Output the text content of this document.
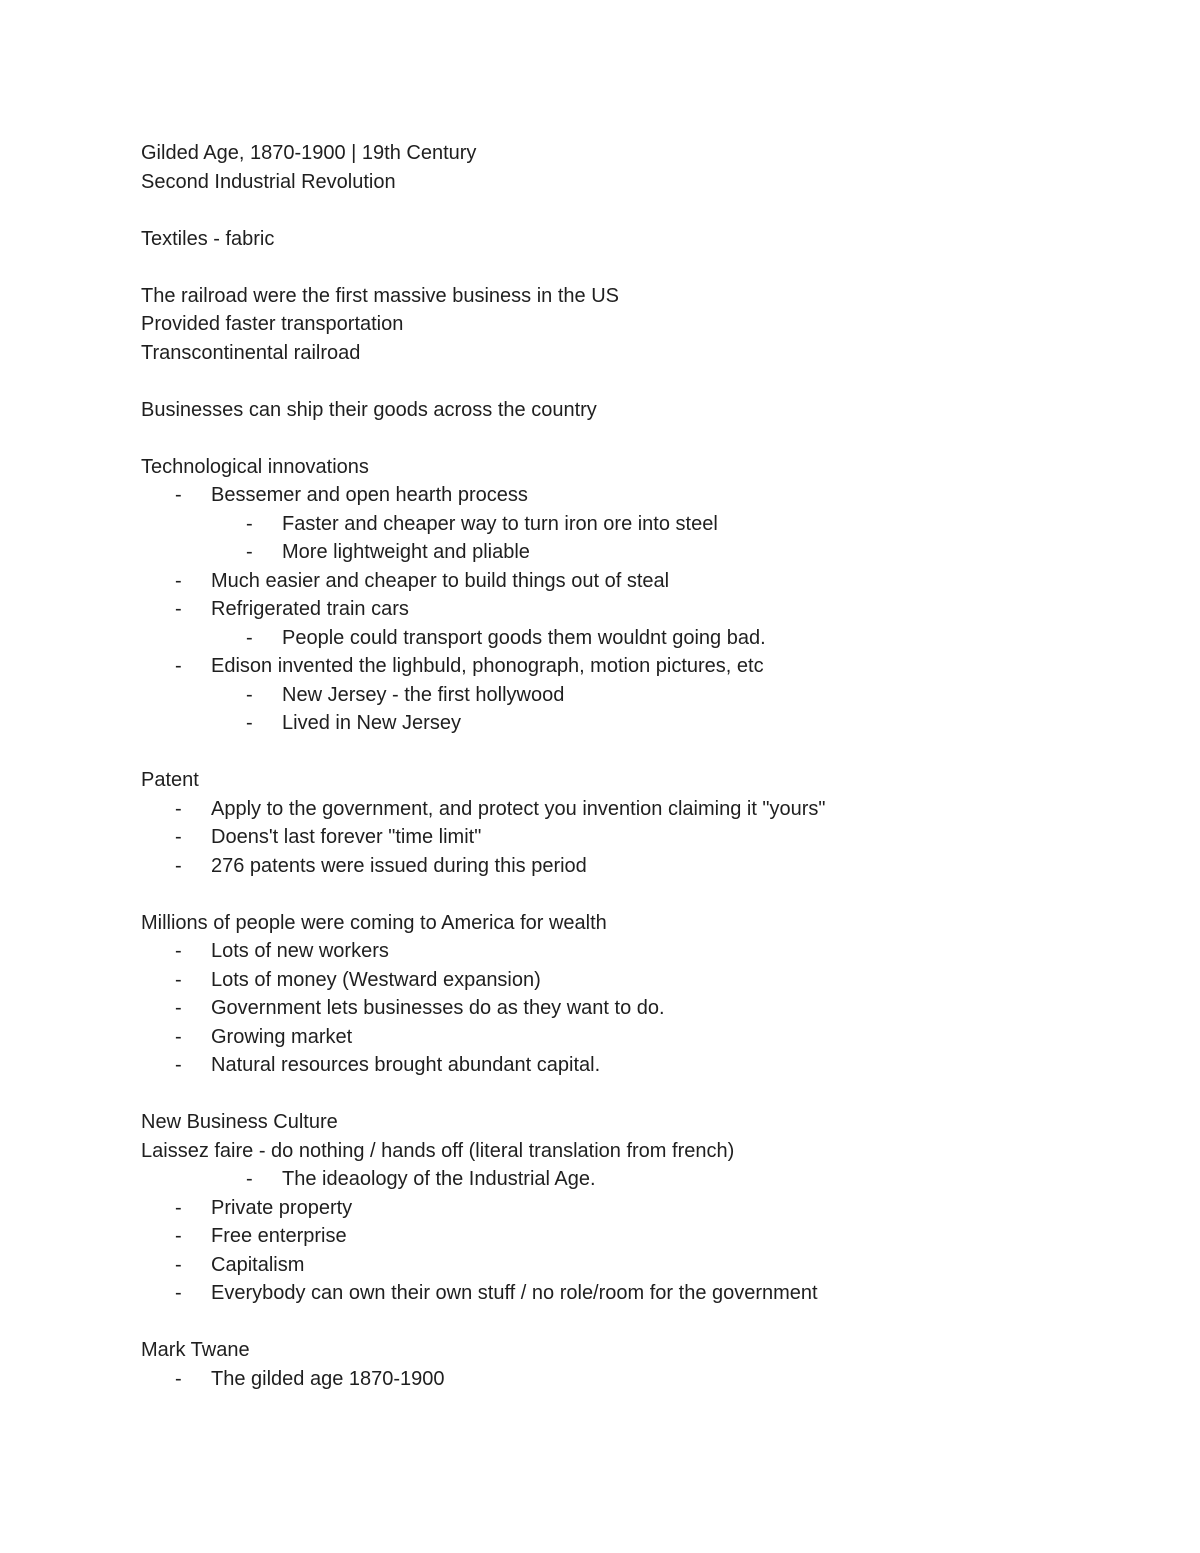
Gilded Age, 1870-1900 | 19th Century
Second Industrial Revolution
Textiles - fabric
The railroad were the first massive business in the US
Provided faster transportation
Transcontinental railroad
Businesses can ship their goods across the country
Technological innovations
- Bessemer and open hearth process
- Faster and cheaper way to turn iron ore into steel
- More lightweight and pliable
- Much easier and cheaper to build things out of steal
- Refrigerated train cars
- People could transport goods them wouldnt going bad.
- Edison invented the lighbuld, phonograph, motion pictures, etc
- New Jersey - the first hollywood
- Lived in New Jersey
Patent
- Apply to the government, and protect you invention claiming it "yours"
- Doens't last forever "time limit"
- 276 patents were issued during this period
Millions of people were coming to America for wealth
- Lots of new workers
- Lots of money (Westward expansion)
- Government lets businesses do as they want to do.
- Growing market
- Natural resources brought abundant capital.
New Business Culture
Laissez faire - do nothing / hands off (literal translation from french)
- The ideaology of the Industrial Age.
- Private property
- Free enterprise
- Capitalism
- Everybody can own their own stuff / no role/room for the government
Mark Twane
- The gilded age 1870-1900
